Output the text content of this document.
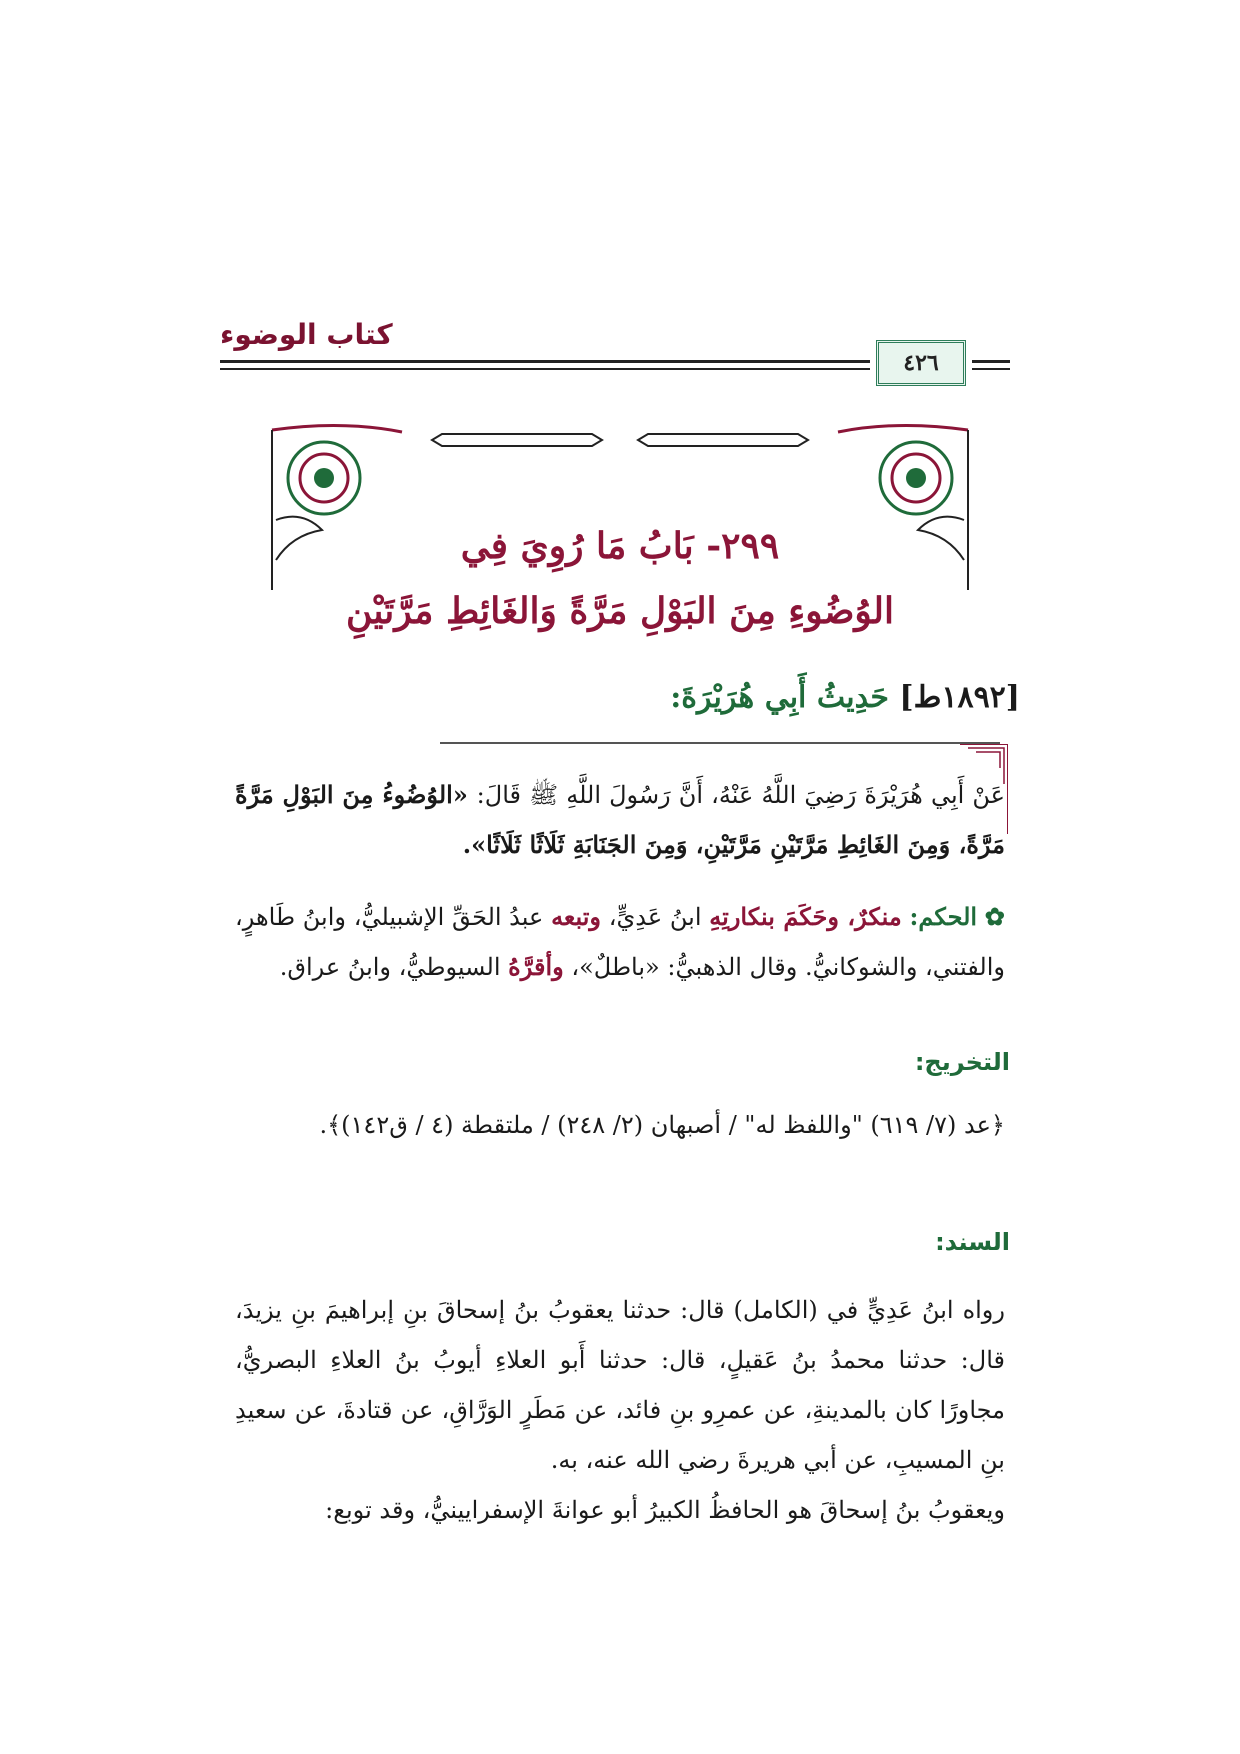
كتاب الوضوء
٤٢٦
٢٩٩- بَابُ مَا رُوِيَ فِي
الوُضُوءِ مِنَ البَوْلِ مَرَّةً وَالغَائِطِ مَرَّتَيْنِ
[١٨٩٢ط] حَدِيثُ أَبِي هُرَيْرَةَ:
عَنْ أَبِي هُرَيْرَةَ رَضِيَ اللَّهُ عَنْهُ، أَنَّ رَسُولَ اللَّهِ ﷺ قَالَ: «الوُضُوءُ مِنَ البَوْلِ مَرَّةً مَرَّةً، وَمِنَ الغَائِطِ مَرَّتَيْنِ مَرَّتَيْنِ، وَمِنَ الجَنَابَةِ ثَلَاثًا ثَلَاثًا».
✿ الحكم: منكرٌ، وحَكَمَ بنكارتِهِ ابنُ عَدِيٍّ، وتبعه عبدُ الحَقِّ الإشبيليُّ، وابنُ طَاهرٍ، والفتني، والشوكانيُّ. وقال الذهبيُّ: «باطلٌ»، وأقرَّهُ السيوطيُّ، وابنُ عراق.
التخريج:
﴿عد (٧/ ٦١٩) "واللفظ له" / أصبهان (٢/ ٢٤٨) / ملتقطة (٤ / ق١٤٢)﴾.
السند:
رواه ابنُ عَدِيٍّ في (الكامل) قال: حدثنا يعقوبُ بنُ إسحاقَ بنِ إبراهيمَ بنِ يزيدَ، قال: حدثنا محمدُ بنُ عَقيلٍ، قال: حدثنا أَبو العلاءِ أيوبُ بنُ العلاءِ البصريُّ، مجاورًا كان بالمدينةِ، عن عمرِو بنِ فائد، عن مَطَرٍ الوَرَّاقِ، عن قتادةَ، عن سعيدِ بنِ المسيبِ، عن أبي هريرةَ رضي الله عنه، به.
ويعقوبُ بنُ إسحاقَ هو الحافظُ الكبيرُ أبو عوانةَ الإسفرايينيُّ، وقد توبع:
